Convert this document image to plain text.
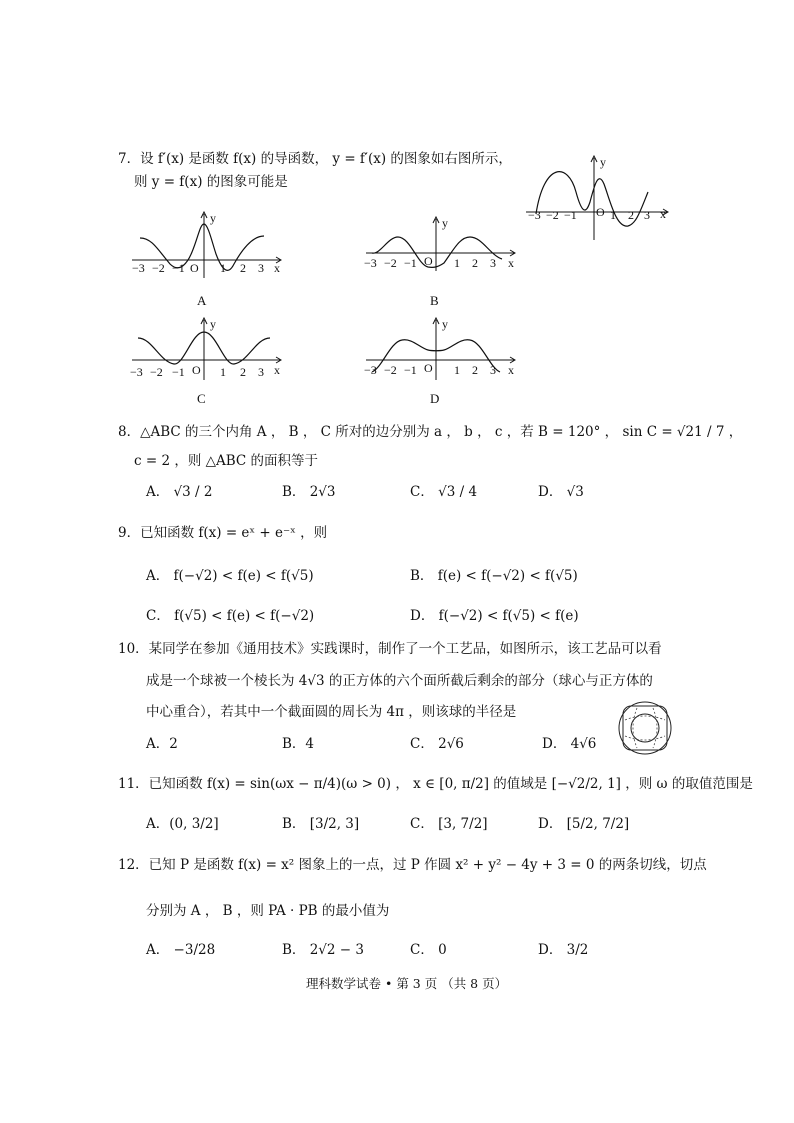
7．设 f′(x) 是函数 f(x) 的导函数， y = f′(x) 的图象如右图所示，
则 y = f(x) 的图象可能是
y
x
−3 −2 −1 O 1 2 3
y
x
−3 −2 −1 O 1 2 3
A
y
x
−3 −2 −1 O 1 2 3
B
y
x
−3 −2 −1 O 1 2 3
C
y
x
−3 −2 −1 O 1 2 3
D
8．△ABC 的三个内角 A ， B ， C 所对的边分别为 a ， b ， c ，若 B = 120° ， sin C = √21 / 7 ，
c = 2 ，则 △ABC 的面积等于
A． √3 / 2	B． 2√3	C． √3 / 4	D． √3
9．已知函数 f(x) = eˣ + e⁻ˣ ，则
A． f(−√2) < f(e) < f(√5)	B． f(e) < f(−√2) < f(√5)
C． f(√5) < f(e) < f(−√2)	D． f(−√2) < f(√5) < f(e)
10．某同学在参加《通用技术》实践课时，制作了一个工艺品，如图所示，该工艺品可以看
成是一个球被一个棱长为 4√3 的正方体的六个面所截后剩余的部分（球心与正方体的
中心重合），若其中一个截面圆的周长为 4π ，则该球的半径是
A．2	B．4	C． 2√6	D． 4√6
11．已知函数 f(x) = sin(ωx − π/4)(ω > 0) ， x ∈ [0, π/2] 的值域是 [−√2/2, 1] ，则 ω 的取值范围是
A．(0, 3/2]	B． [3/2, 3]	C． [3, 7/2]	D． [5/2, 7/2]
12．已知 P 是函数 f(x) = x² 图象上的一点，过 P 作圆 x² + y² − 4y + 3 = 0 的两条切线，切点
分别为 A ， B ，则 PA · PB 的最小值为
A． −3/28	B． 2√2 − 3	C． 0	D． 3/2
理科数学试卷 • 第 3 页 （共 8 页）
